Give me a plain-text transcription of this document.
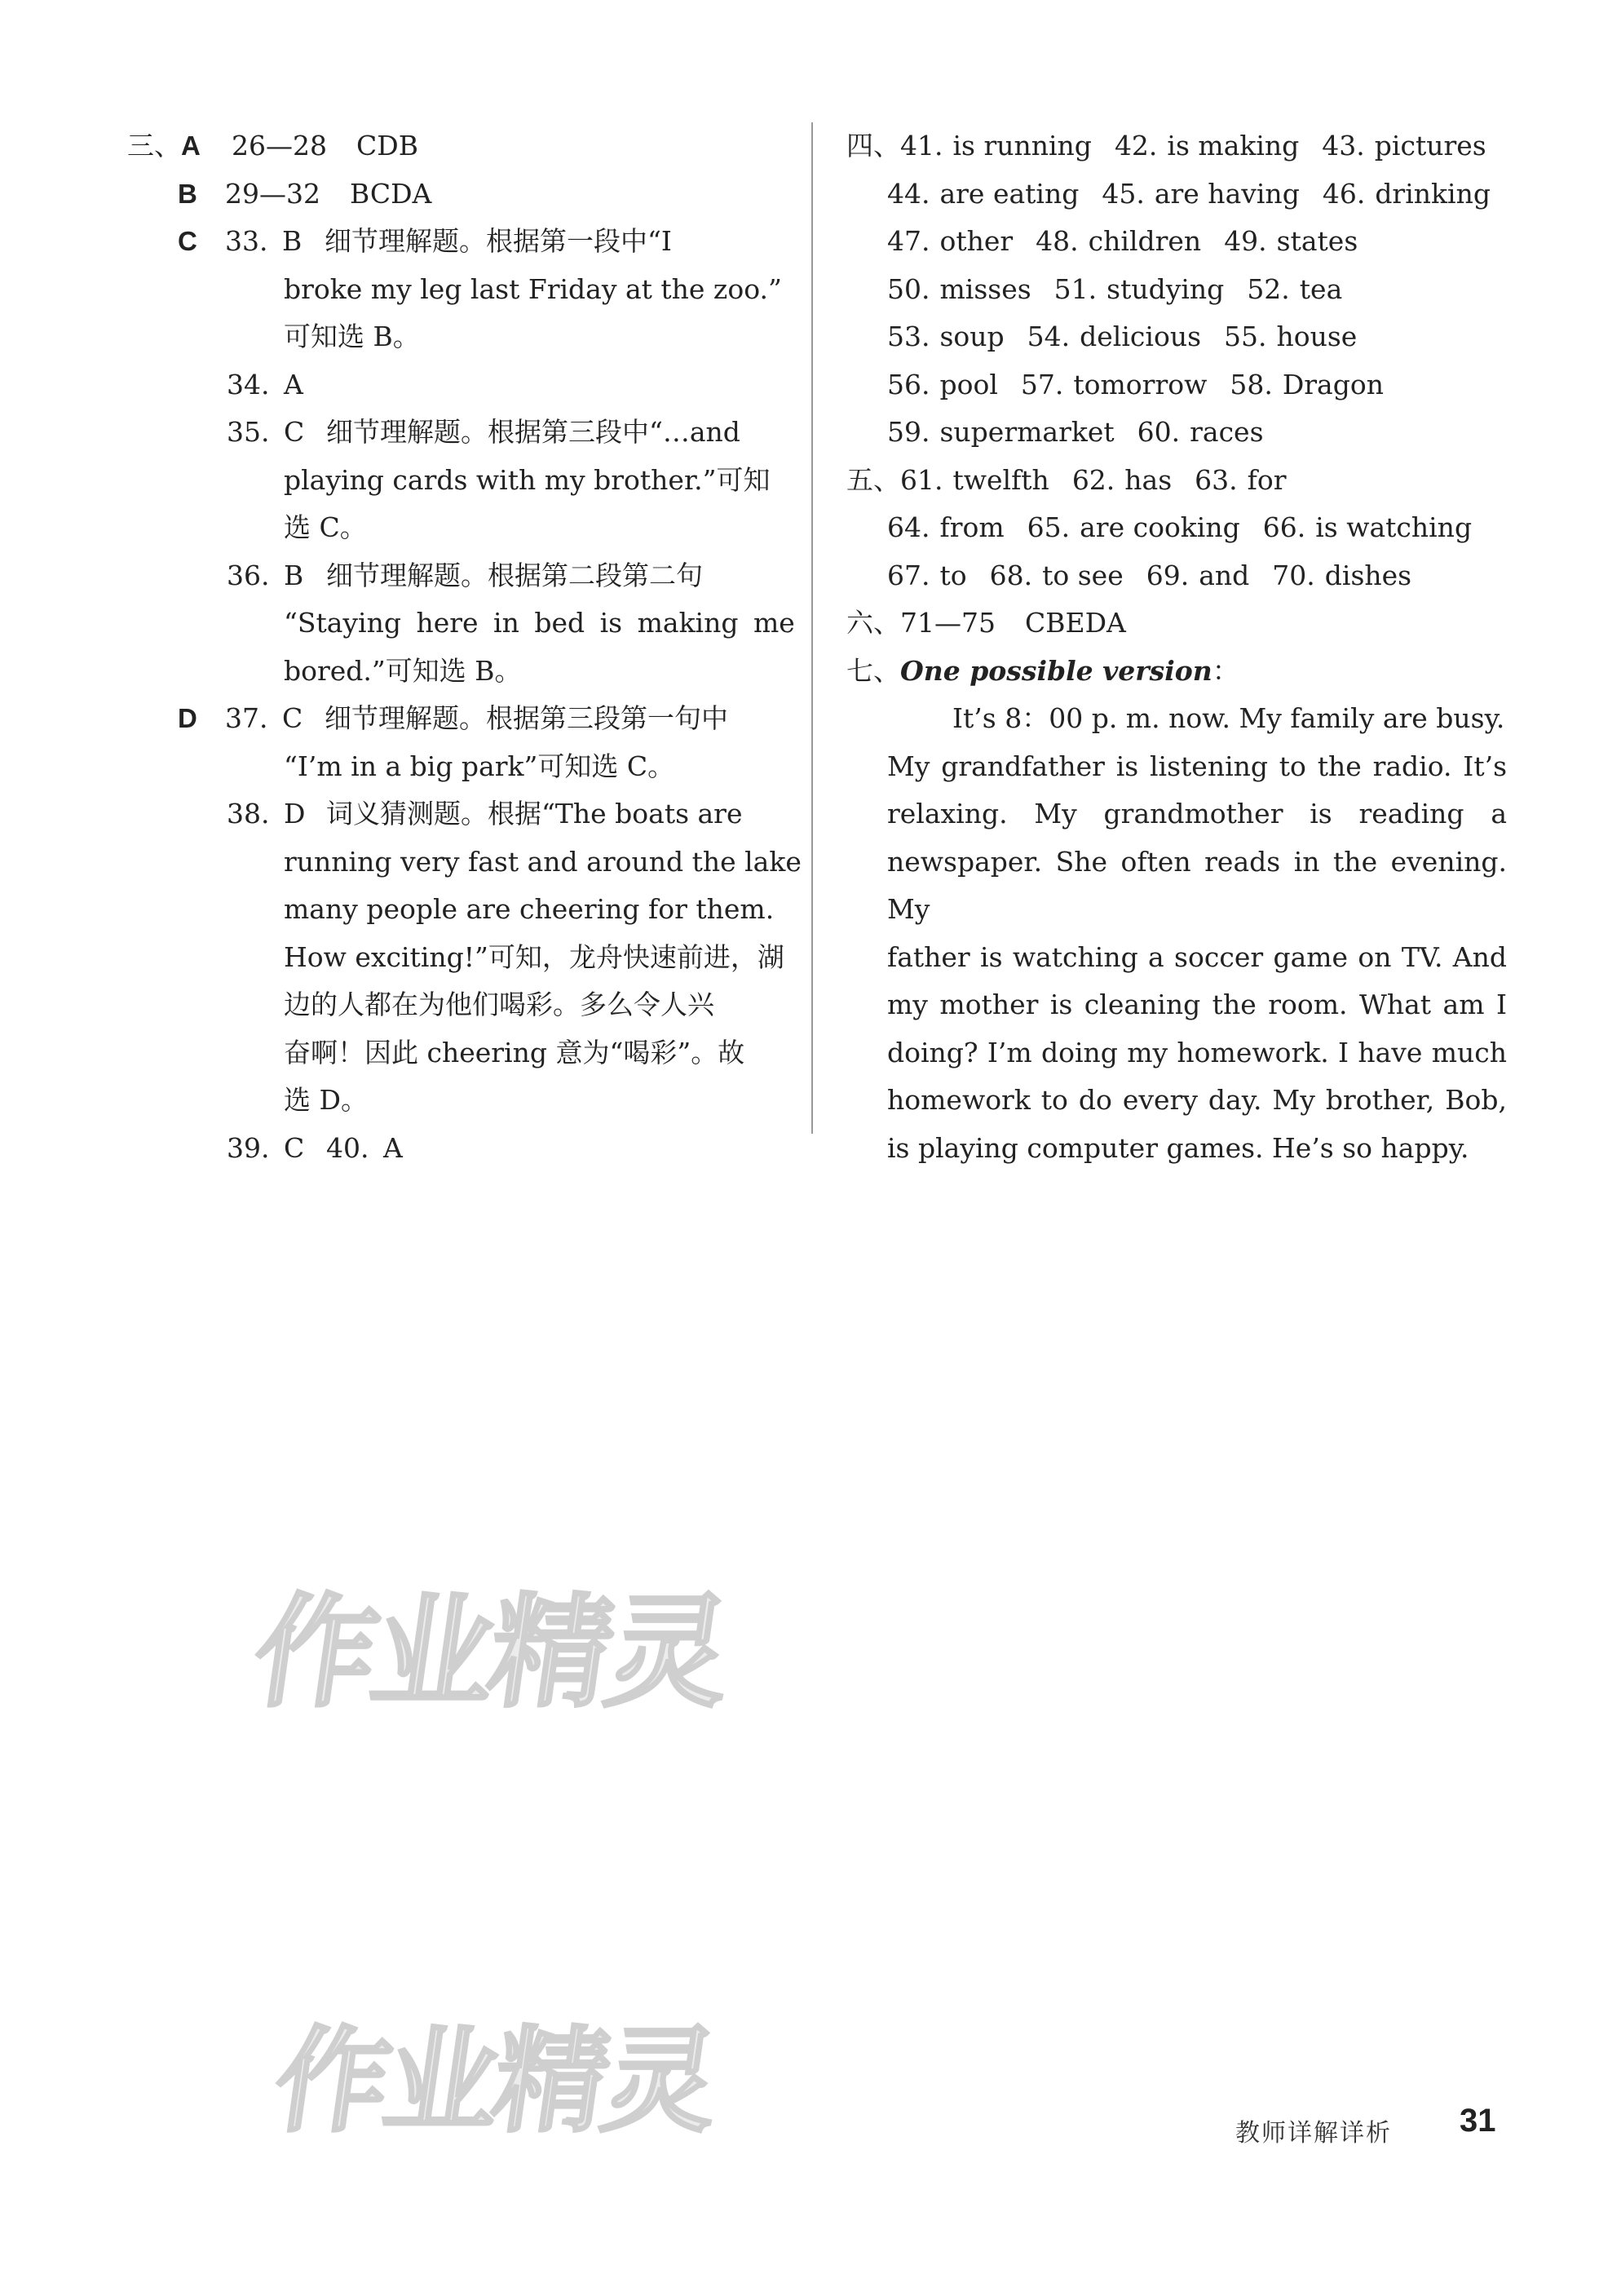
三、A 26—28 CDB
B 29—32 BCDA
C 33. B 细节理解题。根据第一段中“I
broke my leg last Friday at the zoo.”
可知选 B。
34. A
35. C 细节理解题。根据第三段中“…and
playing cards with my brother.”可知
选 C。
36. B 细节理解题。根据第二段第二句
“Staying here in bed is making me
bored.”可知选 B。
D 37. C 细节理解题。根据第三段第一句中
“I’m in a big park”可知选 C。
38. D 词义猜测题。根据“The boats are
running very fast and around the lake
many people are cheering for them.
How exciting!”可知，龙舟快速前进，湖
边的人都在为他们喝彩。多么令人兴
奋啊！因此 cheering 意为“喝彩”。故
选 D。
39. C 40. A
四、41. is running 42. is making 43. pictures
44. are eating 45. are having 46. drinking
47. other 48. children 49. states
50. misses 51. studying 52. tea
53. soup 54. delicious 55. house
56. pool 57. tomorrow 58. Dragon
59. supermarket 60. races
五、61. twelfth 62. has 63. for
64. from 65. are cooking 66. is watching
67. to 68. to see 69. and 70. dishes
六、71—75 CBEDA
七、One possible version：
It’s 8：00 p. m. now. My family are busy.
My grandfather is listening to the radio. It’s
relaxing. My grandmother is reading a
newspaper. She often reads in the evening. My
father is watching a soccer game on TV. And
my mother is cleaning the room. What am I
doing? I’m doing my homework. I have much
homework to do every day. My brother, Bob,
is playing computer games. He’s so happy.
作业精灵
作业精灵	教师详解详析 31
